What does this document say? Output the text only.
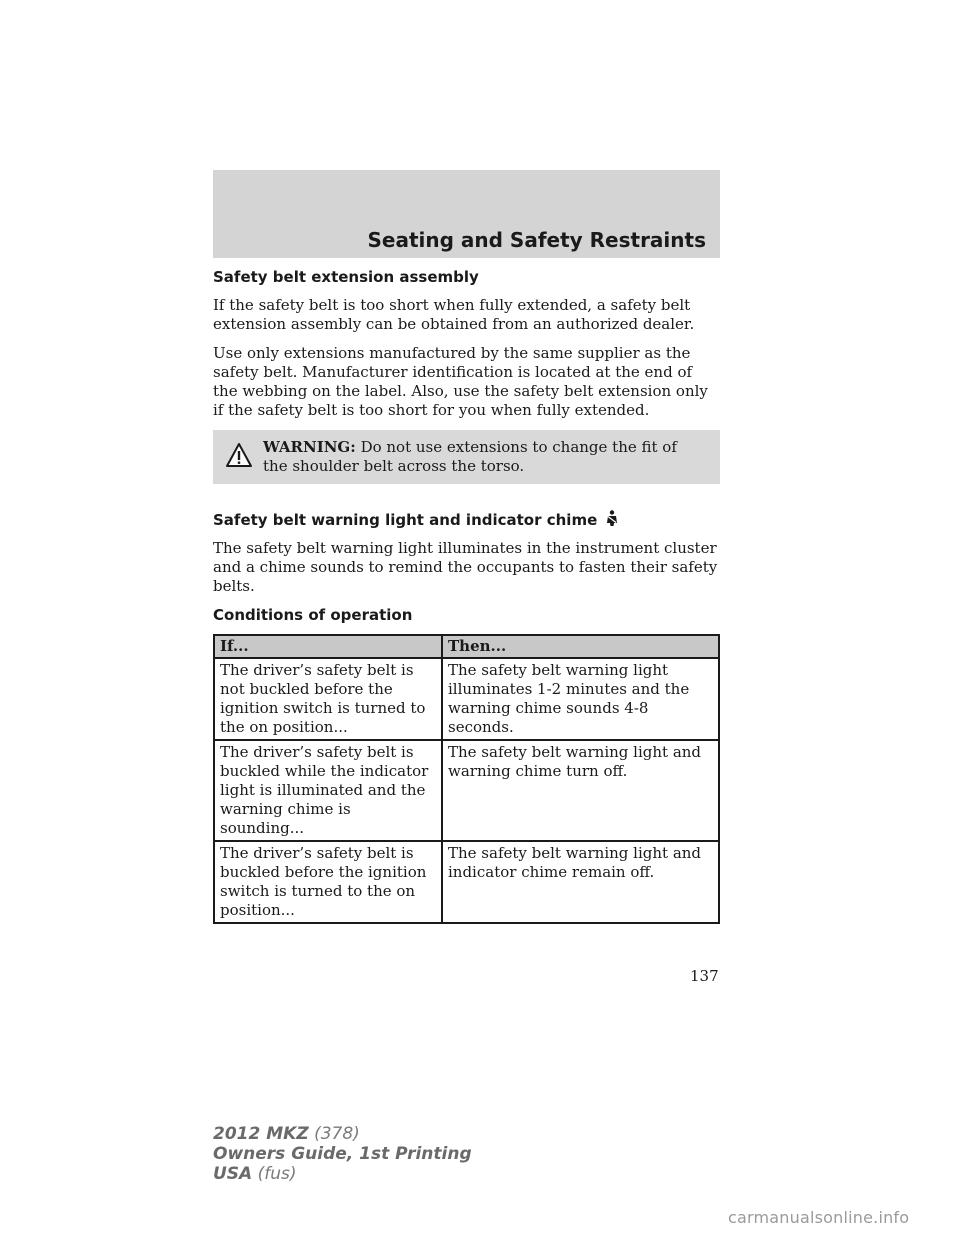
Seating and Safety Restraints
Safety belt extension assembly

If the safety belt is too short when fully extended, a safety belt extension assembly can be obtained from an authorized dealer.

Use only extensions manufactured by the same supplier as the safety belt. Manufacturer identification is located at the end of the webbing on the label. Also, use the safety belt extension only if the safety belt is too short for you when fully extended.

WARNING: Do not use extensions to change the fit of the shoulder belt across the torso.
Safety belt warning light and indicator chime

The safety belt warning light illuminates in the instrument cluster and a chime sounds to remind the occupants to fasten their safety belts.

Conditions of operation
If...	Then...
The driver’s safety belt is not buckled before the ignition switch is turned to the on position...	The safety belt warning light illuminates 1-2 minutes and the warning chime sounds 4-8 seconds.
The driver’s safety belt is buckled while the indicator light is illuminated and the warning chime is sounding...	The safety belt warning light and warning chime turn off.
The driver’s safety belt is buckled before the ignition switch is turned to the on position...	The safety belt warning light and indicator chime remain off.
137
2012 MKZ (378)
Owners Guide, 1st Printing
USA (fus)
carmanualsonline.info
